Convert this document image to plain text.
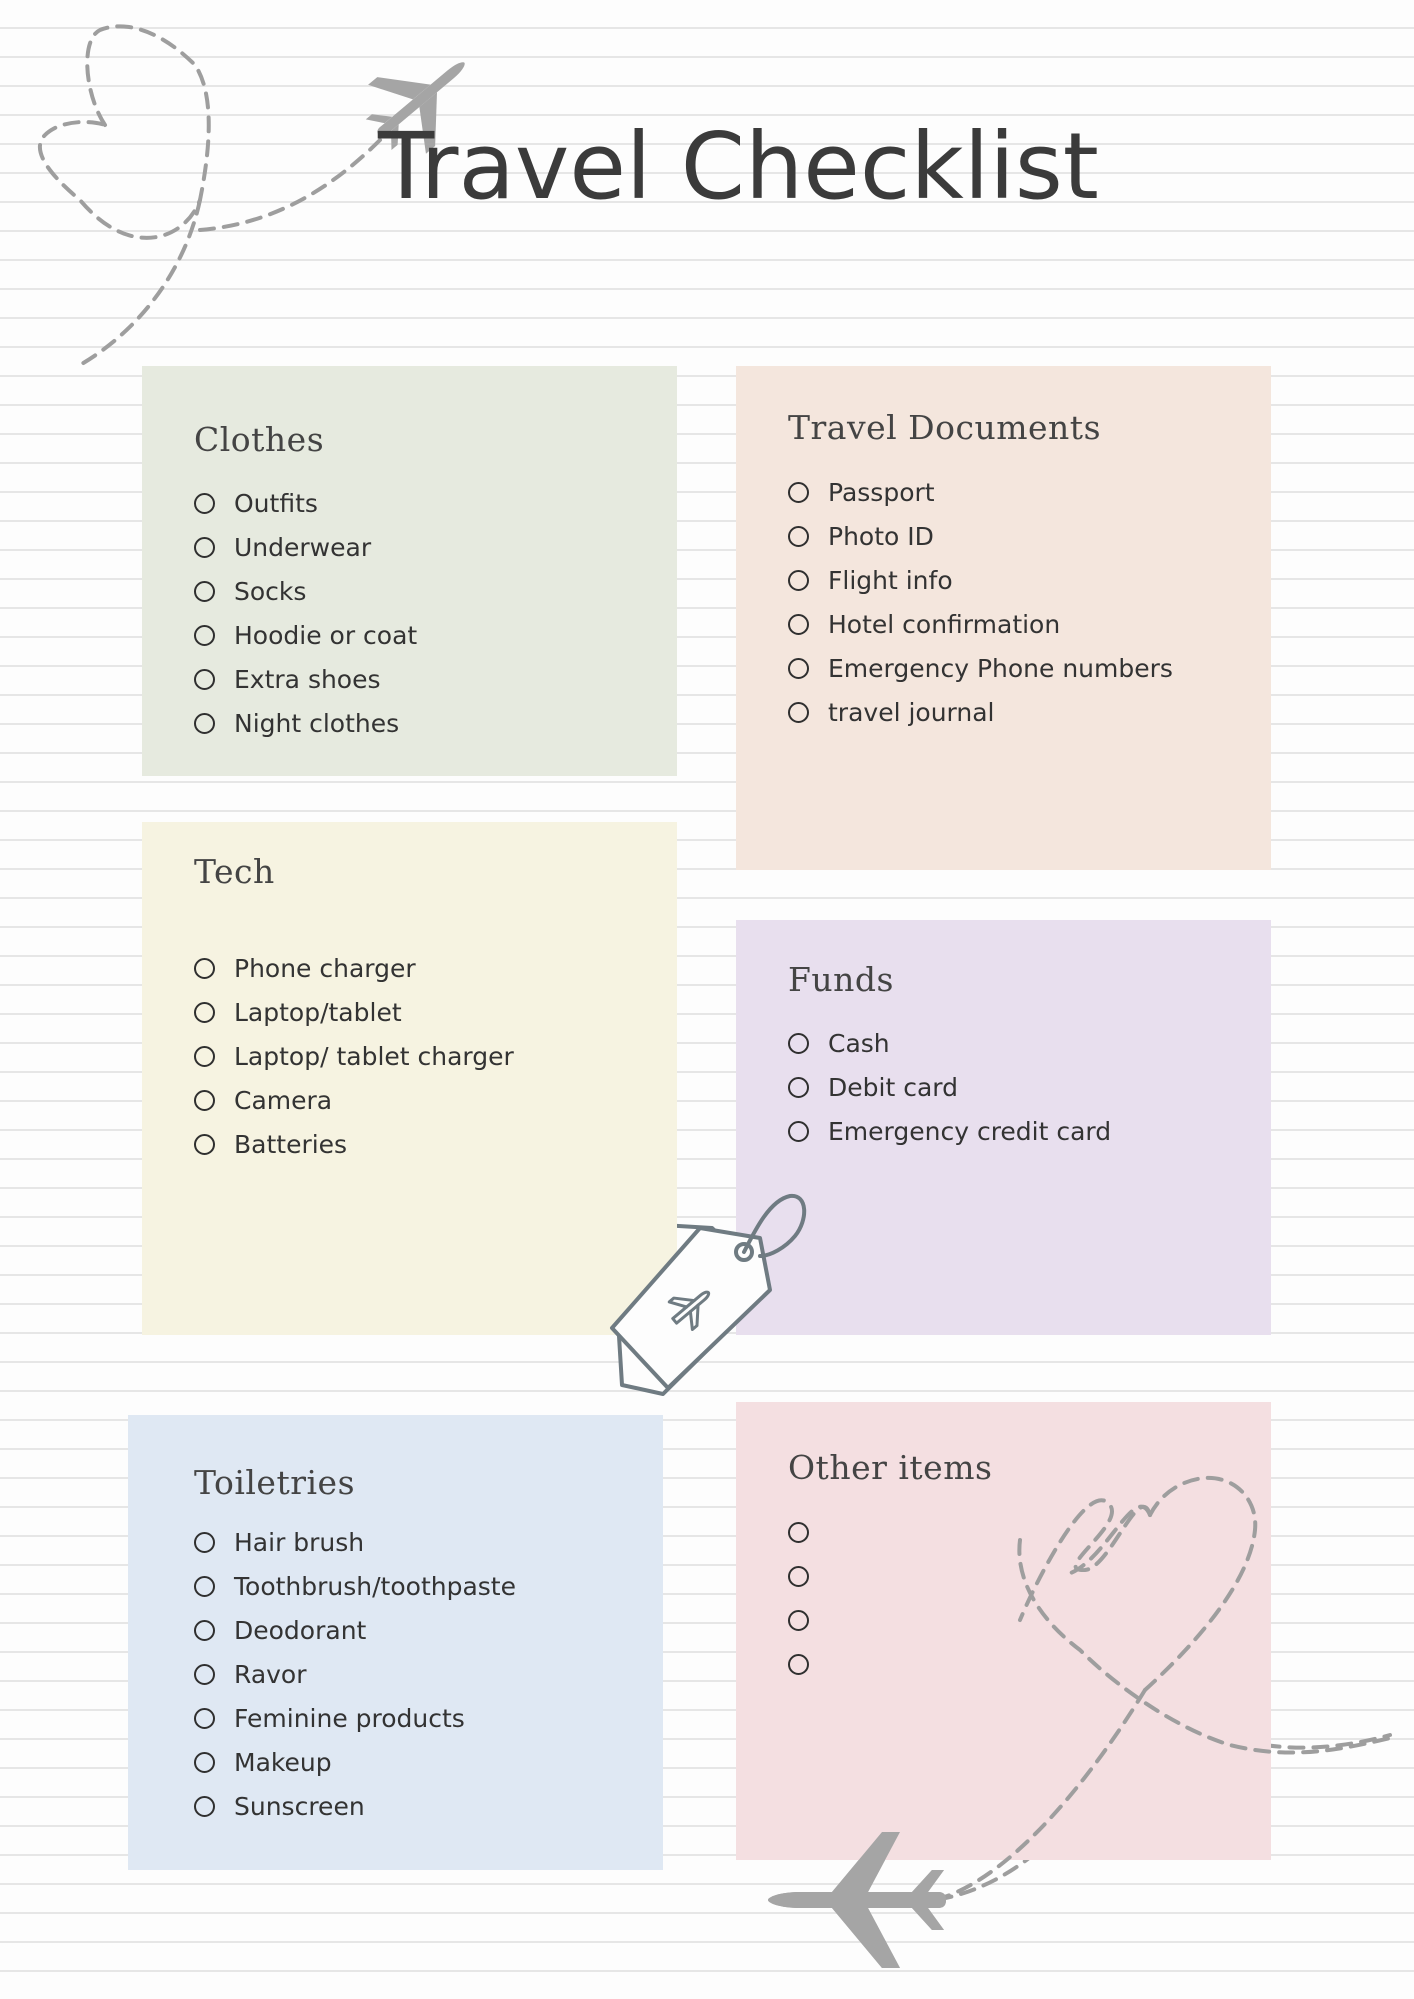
Travel Checklist
Clothes
Outfits
Underwear
Socks
Hoodie or coat
Extra shoes
Night clothes
Travel Documents
Passport
Photo ID
Flight info
Hotel confirmation
Emergency Phone numbers
travel journal
Tech
Phone charger
Laptop/tablet
Laptop/ tablet charger
Camera
Batteries
Funds
Cash
Debit card
Emergency credit card
Toiletries
Hair brush
Toothbrush/toothpaste
Deodorant
Ravor
Feminine products
Makeup
Sunscreen
Other items
